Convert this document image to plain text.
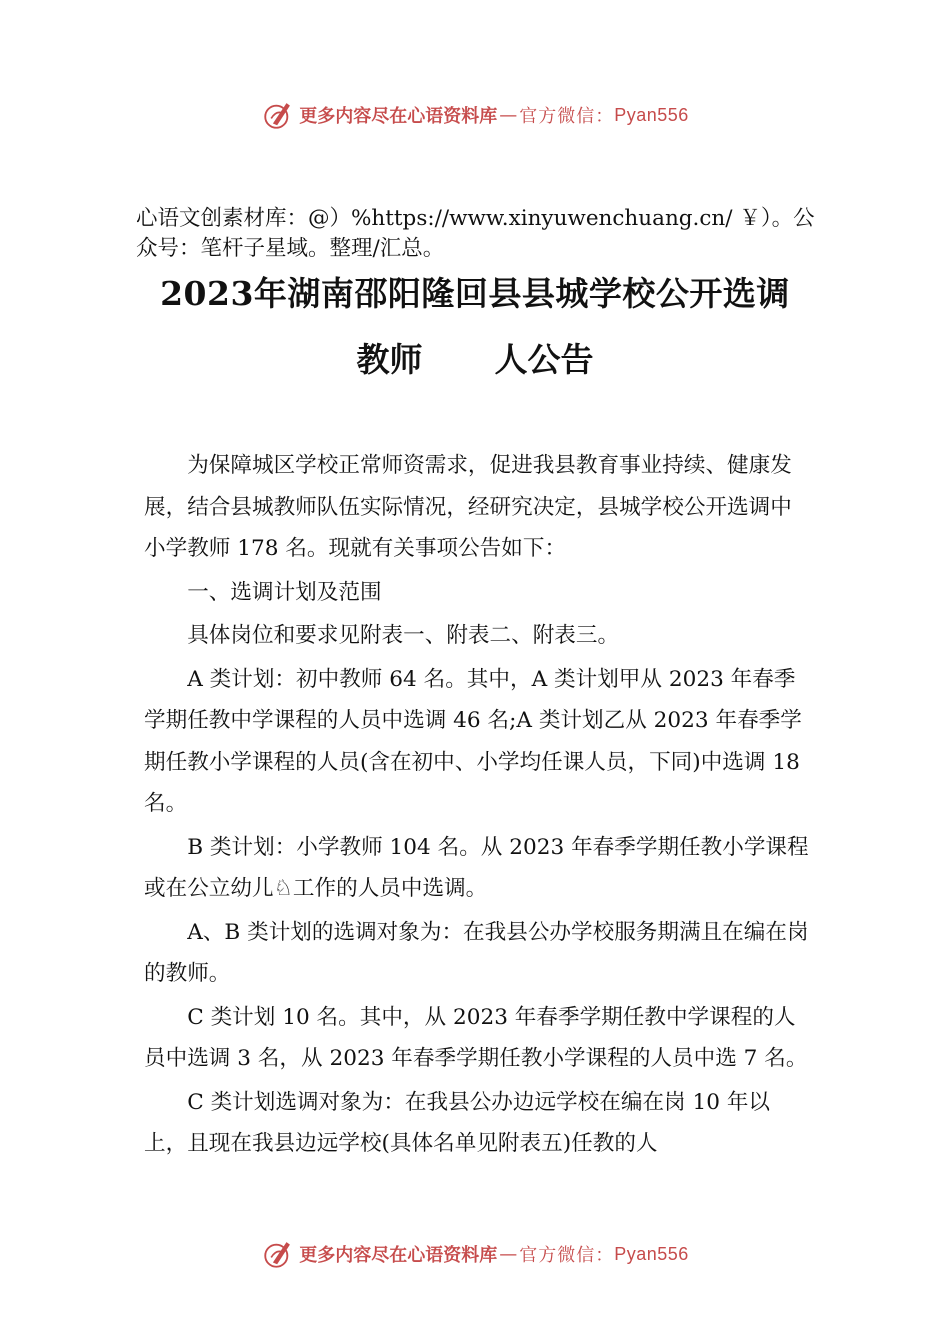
更多内容尽在心语资料库 — 官方微信： Pyan556
心语文创素材库：@）%https://www.xinyuwenchuang.cn/ ￥）。公众号：笔杆子星域。整理/汇总。
2023年湖南邵阳隆回县县城学校公开选调
教师 人公告

为保障城区学校正常师资需求，促进我县教育事业持续、健康发展，结合县城教师队伍实际情况，经研究决定，县城学校公开选调中小学教师 178 名。现就有关事项公告如下：

一、选调计划及范围

具体岗位和要求见附表一、附表二、附表三。

A 类计划：初中教师 64 名。其中，A 类计划甲从 2023 年春季学期任教中学课程的人员中选调 46 名;A 类计划乙从 2023 年春季学期任教小学课程的人员(含在初中、小学均任课人员，下同)中选调 18 名。

B 类计划：小学教师 104 名。从 2023 年春季学期任教小学课程或在公立幼儿♘工作的人员中选调。

A、B 类计划的选调对象为：在我县公办学校服务期满且在编在岗的教师。

C 类计划 10 名。其中，从 2023 年春季学期任教中学课程的人员中选调 3 名，从 2023 年春季学期任教小学课程的人员中选 7 名。

C 类计划选调对象为：在我县公办边远学校在编在岗 10 年以上，且现在我县边远学校(具体名单见附表五)任教的人

更多内容尽在心语资料库 — 官方微信： Pyan556
